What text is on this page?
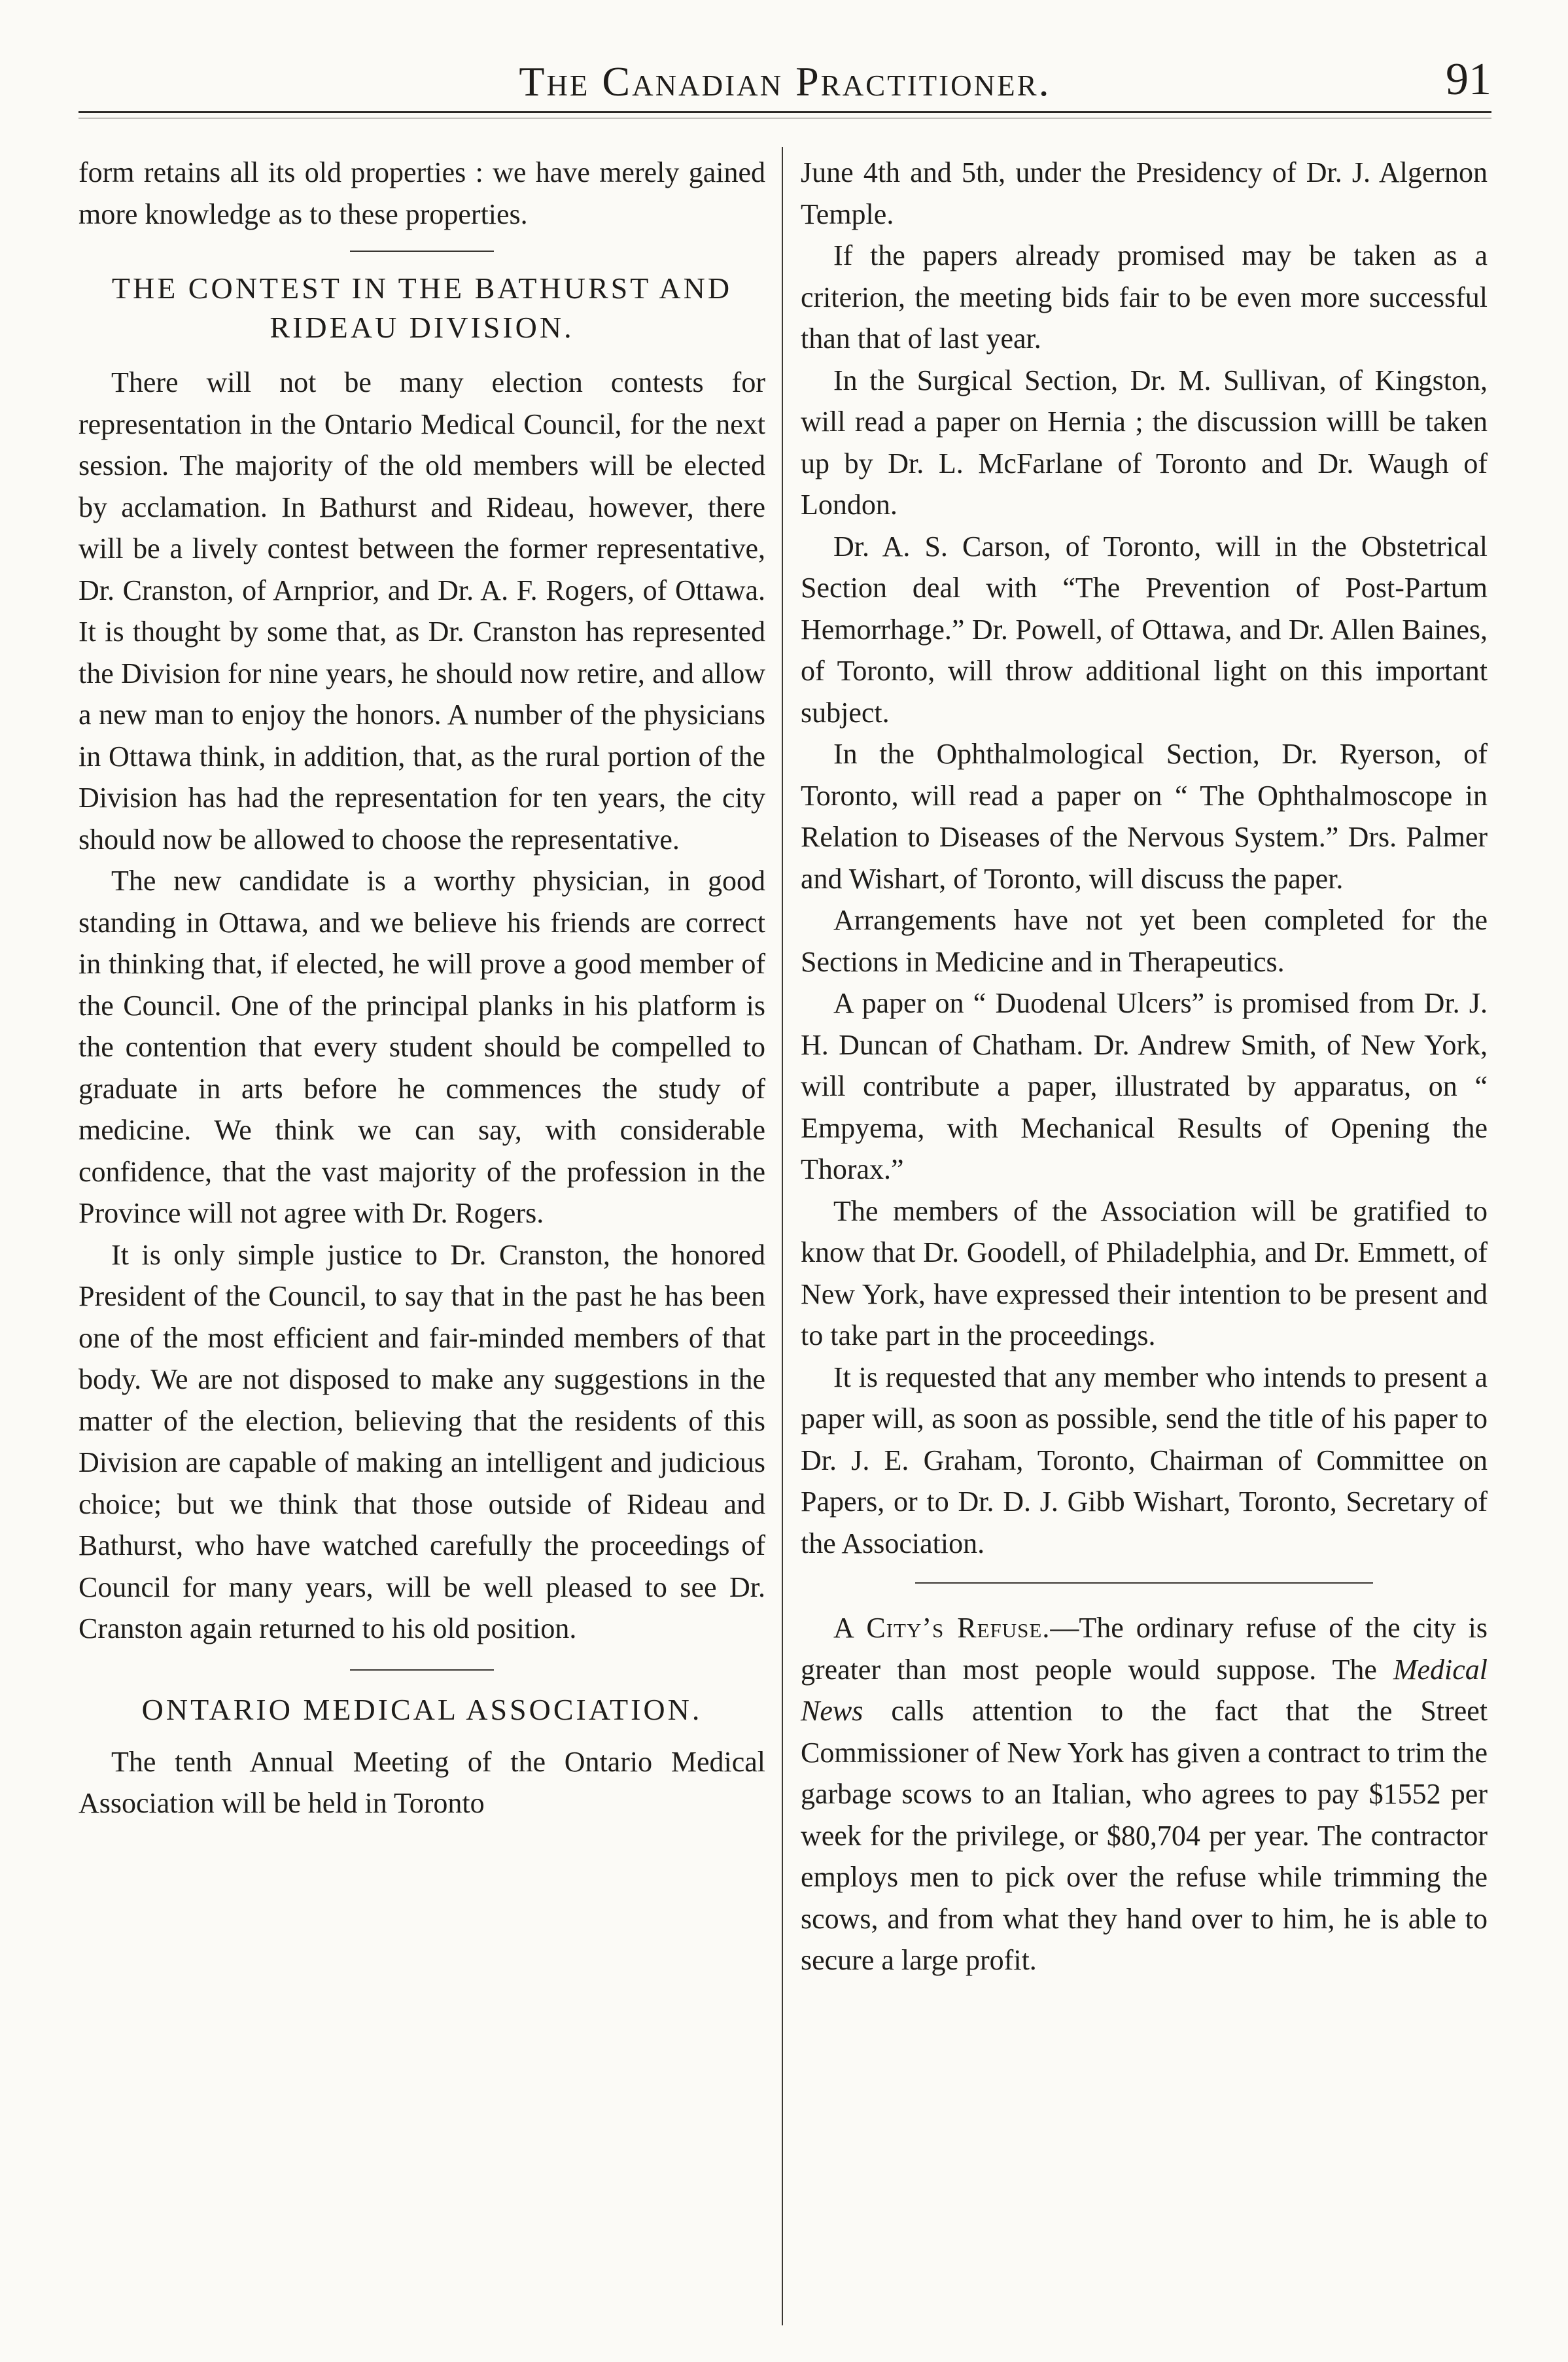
The Canadian Practitioner.	91

form retains all its old properties : we have merely gained more knowledge as to these properties.

THE CONTEST IN THE BATHURST AND RIDEAU DIVISION.

There will not be many election contests for representation in the Ontario Medical Council, for the next session. The majority of the old members will be elected by acclamation. In Bathurst and Rideau, however, there will be a lively contest between the former representative, Dr. Cranston, of Arnprior, and Dr. A. F. Rogers, of Ottawa. It is thought by some that, as Dr. Cranston has represented the Division for nine years, he should now retire, and allow a new man to enjoy the honors. A number of the physicians in Ottawa think, in addition, that, as the rural portion of the Division has had the representation for ten years, the city should now be allowed to choose the representative.

The new candidate is a worthy physician, in good standing in Ottawa, and we believe his friends are correct in thinking that, if elected, he will prove a good member of the Council. One of the principal planks in his platform is the contention that every student should be compelled to graduate in arts before he commences the study of medicine. We think we can say, with considerable confidence, that the vast majority of the profession in the Province will not agree with Dr. Rogers.

It is only simple justice to Dr. Cranston, the honored President of the Council, to say that in the past he has been one of the most efficient and fair-minded members of that body. We are not disposed to make any suggestions in the matter of the election, believing that the residents of this Division are capable of making an intelligent and judicious choice; but we think that those outside of Rideau and Bathurst, who have watched carefully the proceedings of Council for many years, will be well pleased to see Dr. Cranston again returned to his old position.

ONTARIO MEDICAL ASSOCIATION.

The tenth Annual Meeting of the Ontario Medical Association will be held in Toronto

June 4th and 5th, under the Presidency of Dr. J. Algernon Temple.

If the papers already promised may be taken as a criterion, the meeting bids fair to be even more successful than that of last year.

In the Surgical Section, Dr. M. Sullivan, of Kingston, will read a paper on Hernia ; the discussion willl be taken up by Dr. L. McFarlane of Toronto and Dr. Waugh of London.

Dr. A. S. Carson, of Toronto, will in the Obstetrical Section deal with “The Prevention of Post-Partum Hemorrhage.” Dr. Powell, of Ottawa, and Dr. Allen Baines, of Toronto, will throw additional light on this important subject.

In the Ophthalmological Section, Dr. Ryerson, of Toronto, will read a paper on “ The Ophthalmoscope in Relation to Diseases of the Nervous System.” Drs. Palmer and Wishart, of Toronto, will discuss the paper.

Arrangements have not yet been completed for the Sections in Medicine and in Therapeutics.

A paper on “ Duodenal Ulcers” is promised from Dr. J. H. Duncan of Chatham. Dr. Andrew Smith, of New York, will contribute a paper, illustrated by apparatus, on “ Empyema, with Mechanical Results of Opening the Thorax.”

The members of the Association will be gratified to know that Dr. Goodell, of Philadelphia, and Dr. Emmett, of New York, have expressed their intention to be present and to take part in the proceedings.

It is requested that any member who intends to present a paper will, as soon as possible, send the title of his paper to Dr. J. E. Graham, Toronto, Chairman of Committee on Papers, or to Dr. D. J. Gibb Wishart, Toronto, Secretary of the Association.

A City’s Refuse.—The ordinary refuse of the city is greater than most people would suppose. The Medical News calls attention to the fact that the Street Commissioner of New York has given a contract to trim the garbage scows to an Italian, who agrees to pay $1552 per week for the privilege, or $80,704 per year. The contractor employs men to pick over the refuse while trimming the scows, and from what they hand over to him, he is able to secure a large profit.
